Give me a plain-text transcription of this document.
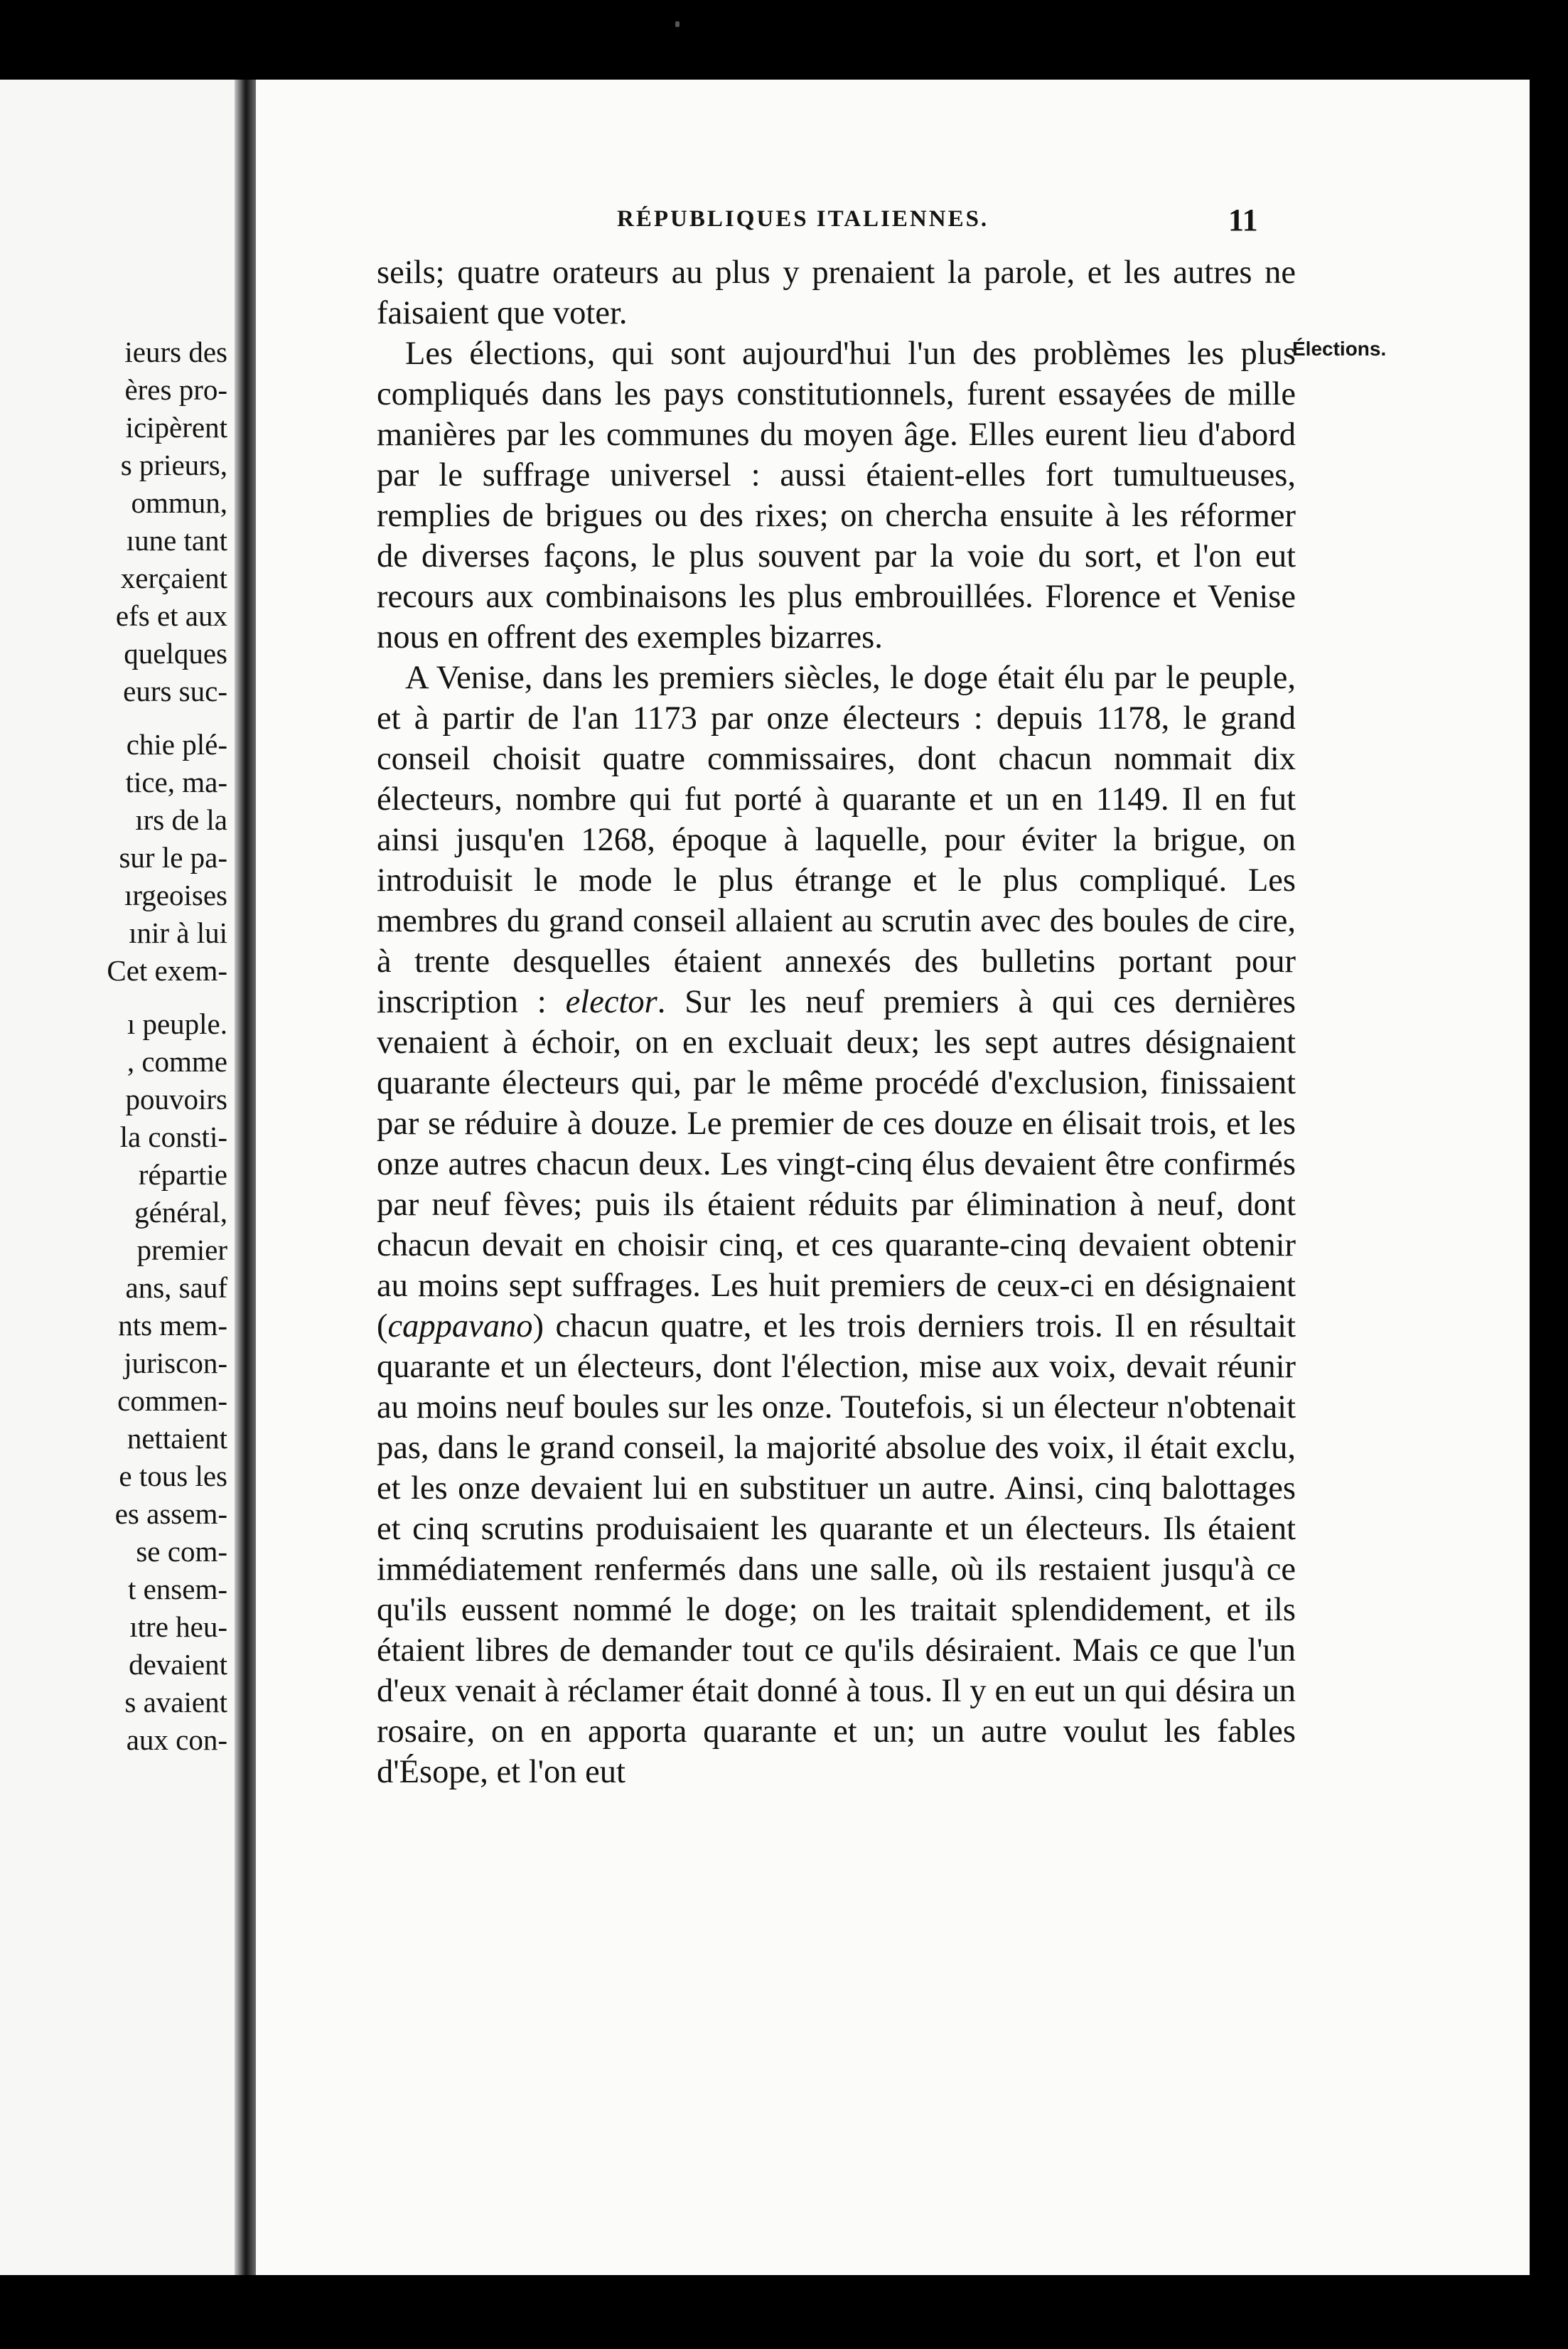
ieurs des
ères pro-
icipèrent
s prieurs,
ommun,
ıune tant
xerçaient
efs et aux
quelques
eurs suc-
chie plé-
tice, ma-
ırs de la
sur le pa-
ırgeoises
ınir à lui
Cet exem-
ı peuple.
, comme
pouvoirs
la consti-
répartie
général,
premier
ans, sauf
nts mem-
juriscon-
commen-
nettaient
e tous les
es assem-
se com-
t ensem-
ıtre heu-
devaient
s avaient
aux con-
RÉPUBLIQUES ITALIENNES.	11
Élections.

seils; quatre orateurs au plus y prenaient la parole, et les autres ne faisaient que voter.

Les élections, qui sont aujourd'hui l'un des problèmes les plus compliqués dans les pays constitutionnels, furent essayées de mille manières par les communes du moyen âge. Elles eurent lieu d'abord par le suffrage universel : aussi étaient-elles fort tumultueuses, remplies de brigues ou des rixes; on chercha ensuite à les réformer de diverses façons, le plus souvent par la voie du sort, et l'on eut recours aux combinaisons les plus embrouillées. Florence et Venise nous en offrent des exemples bizarres.

A Venise, dans les premiers siècles, le doge était élu par le peuple, et à partir de l'an 1173 par onze électeurs : depuis 1178, le grand conseil choisit quatre commissaires, dont chacun nommait dix électeurs, nombre qui fut porté à quarante et un en 1149. Il en fut ainsi jusqu'en 1268, époque à laquelle, pour éviter la brigue, on introduisit le mode le plus étrange et le plus compliqué. Les membres du grand conseil allaient au scrutin avec des boules de cire, à trente desquelles étaient annexés des bulletins portant pour inscription : elector. Sur les neuf premiers à qui ces dernières venaient à échoir, on en excluait deux; les sept autres désignaient quarante électeurs qui, par le même procédé d'exclusion, finissaient par se réduire à douze. Le premier de ces douze en élisait trois, et les onze autres chacun deux. Les vingt-cinq élus devaient être confirmés par neuf fèves; puis ils étaient réduits par élimination à neuf, dont chacun devait en choisir cinq, et ces quarante-cinq devaient obtenir au moins sept suffrages. Les huit premiers de ceux-ci en désignaient (cappavano) chacun quatre, et les trois derniers trois. Il en résultait quarante et un électeurs, dont l'élection, mise aux voix, devait réunir au moins neuf boules sur les onze. Toutefois, si un électeur n'obtenait pas, dans le grand conseil, la majorité absolue des voix, il était exclu, et les onze devaient lui en substituer un autre. Ainsi, cinq balottages et cinq scrutins produisaient les quarante et un électeurs. Ils étaient immédiatement renfermés dans une salle, où ils restaient jusqu'à ce qu'ils eussent nommé le doge; on les traitait splendidement, et ils étaient libres de demander tout ce qu'ils désiraient. Mais ce que l'un d'eux venait à réclamer était donné à tous. Il y en eut un qui désira un rosaire, on en apporta quarante et un; un autre voulut les fables d'Ésope, et l'on eut
